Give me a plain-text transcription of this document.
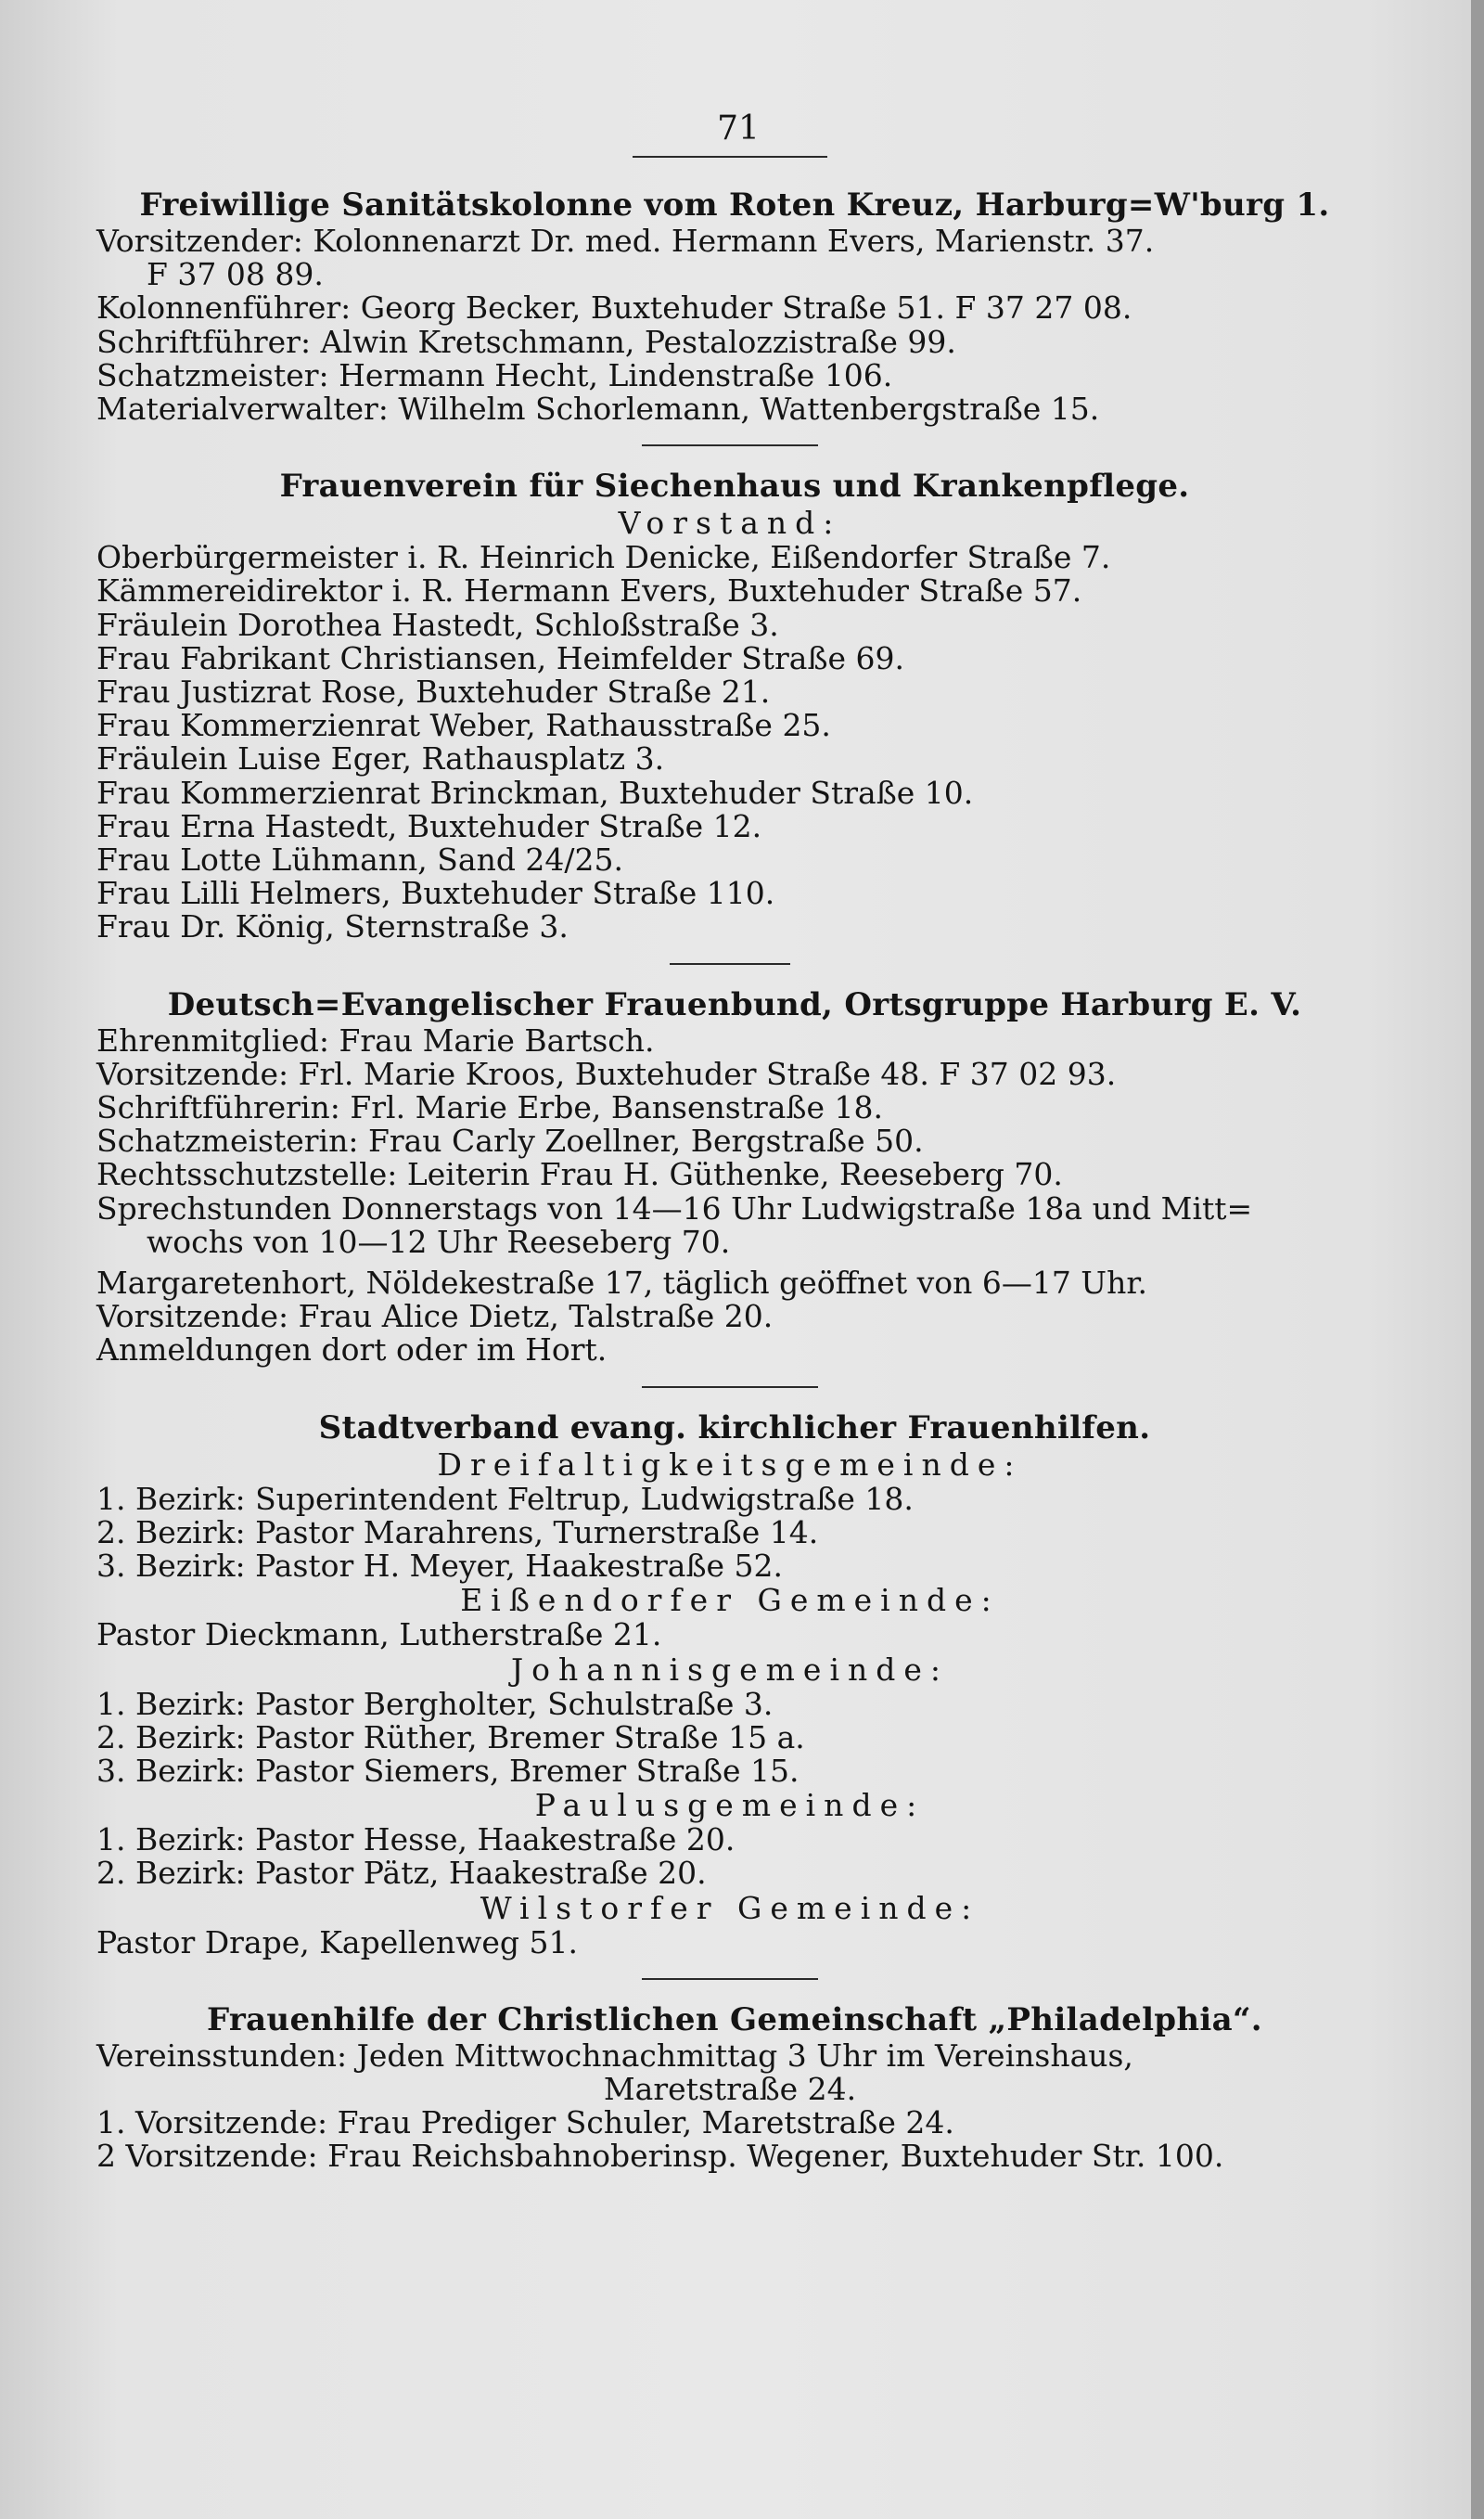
71
Freiwillige Sanitätskolonne vom Roten Kreuz, Harburg=W'burg 1.
Vorsitzender: Kolonnenarzt Dr. med. Hermann Evers, Marienstr. 37.
F 37 08 89.
Kolonnenführer: Georg Becker, Buxtehuder Straße 51. F 37 27 08.
Schriftführer: Alwin Kretschmann, Pestalozzistraße 99.
Schatzmeister: Hermann Hecht, Lindenstraße 106.
Materialverwalter: Wilhelm Schorlemann, Wattenbergstraße 15.
Frauenverein für Siechenhaus und Krankenpflege.
Vorstand:
Oberbürgermeister i. R. Heinrich Denicke, Eißendorfer Straße 7.
Kämmereidirektor i. R. Hermann Evers, Buxtehuder Straße 57.
Fräulein Dorothea Hastedt, Schloßstraße 3.
Frau Fabrikant Christiansen, Heimfelder Straße 69.
Frau Justizrat Rose, Buxtehuder Straße 21.
Frau Kommerzienrat Weber, Rathausstraße 25.
Fräulein Luise Eger, Rathausplatz 3.
Frau Kommerzienrat Brinckman, Buxtehuder Straße 10.
Frau Erna Hastedt, Buxtehuder Straße 12.
Frau Lotte Lühmann, Sand 24/25.
Frau Lilli Helmers, Buxtehuder Straße 110.
Frau Dr. König, Sternstraße 3.
Deutsch=Evangelischer Frauenbund, Ortsgruppe Harburg E. V.
Ehrenmitglied: Frau Marie Bartsch.
Vorsitzende: Frl. Marie Kroos, Buxtehuder Straße 48. F 37 02 93.
Schriftführerin: Frl. Marie Erbe, Bansenstraße 18.
Schatzmeisterin: Frau Carly Zoellner, Bergstraße 50.
Rechtsschutzstelle: Leiterin Frau H. Güthenke, Reeseberg 70.
Sprechstunden Donnerstags von 14—16 Uhr Ludwigstraße 18a und Mitt=
wochs von 10—12 Uhr Reeseberg 70.
Margaretenhort, Nöldekestraße 17, täglich geöffnet von 6—17 Uhr.
Vorsitzende: Frau Alice Dietz, Talstraße 20.
Anmeldungen dort oder im Hort.
Stadtverband evang. kirchlicher Frauenhilfen.
Dreifaltigkeitsgemeinde:
1. Bezirk: Superintendent Feltrup, Ludwigstraße 18.
2. Bezirk: Pastor Marahrens, Turnerstraße 14.
3. Bezirk: Pastor H. Meyer, Haakestraße 52.
Eißendorfer Gemeinde:
Pastor Dieckmann, Lutherstraße 21.
Johannisgemeinde:
1. Bezirk: Pastor Bergholter, Schulstraße 3.
2. Bezirk: Pastor Rüther, Bremer Straße 15 a.
3. Bezirk: Pastor Siemers, Bremer Straße 15.
Paulusgemeinde:
1. Bezirk: Pastor Hesse, Haakestraße 20.
2. Bezirk: Pastor Pätz, Haakestraße 20.
Wilstorfer Gemeinde:
Pastor Drape, Kapellenweg 51.
Frauenhilfe der Christlichen Gemeinschaft „Philadelphia“.
Vereinsstunden: Jeden Mittwochnachmittag 3 Uhr im Vereinshaus,
Maretstraße 24.
1. Vorsitzende: Frau Prediger Schuler, Maretstraße 24.
2 Vorsitzende: Frau Reichsbahnoberinsp. Wegener, Buxtehuder Str. 100.
